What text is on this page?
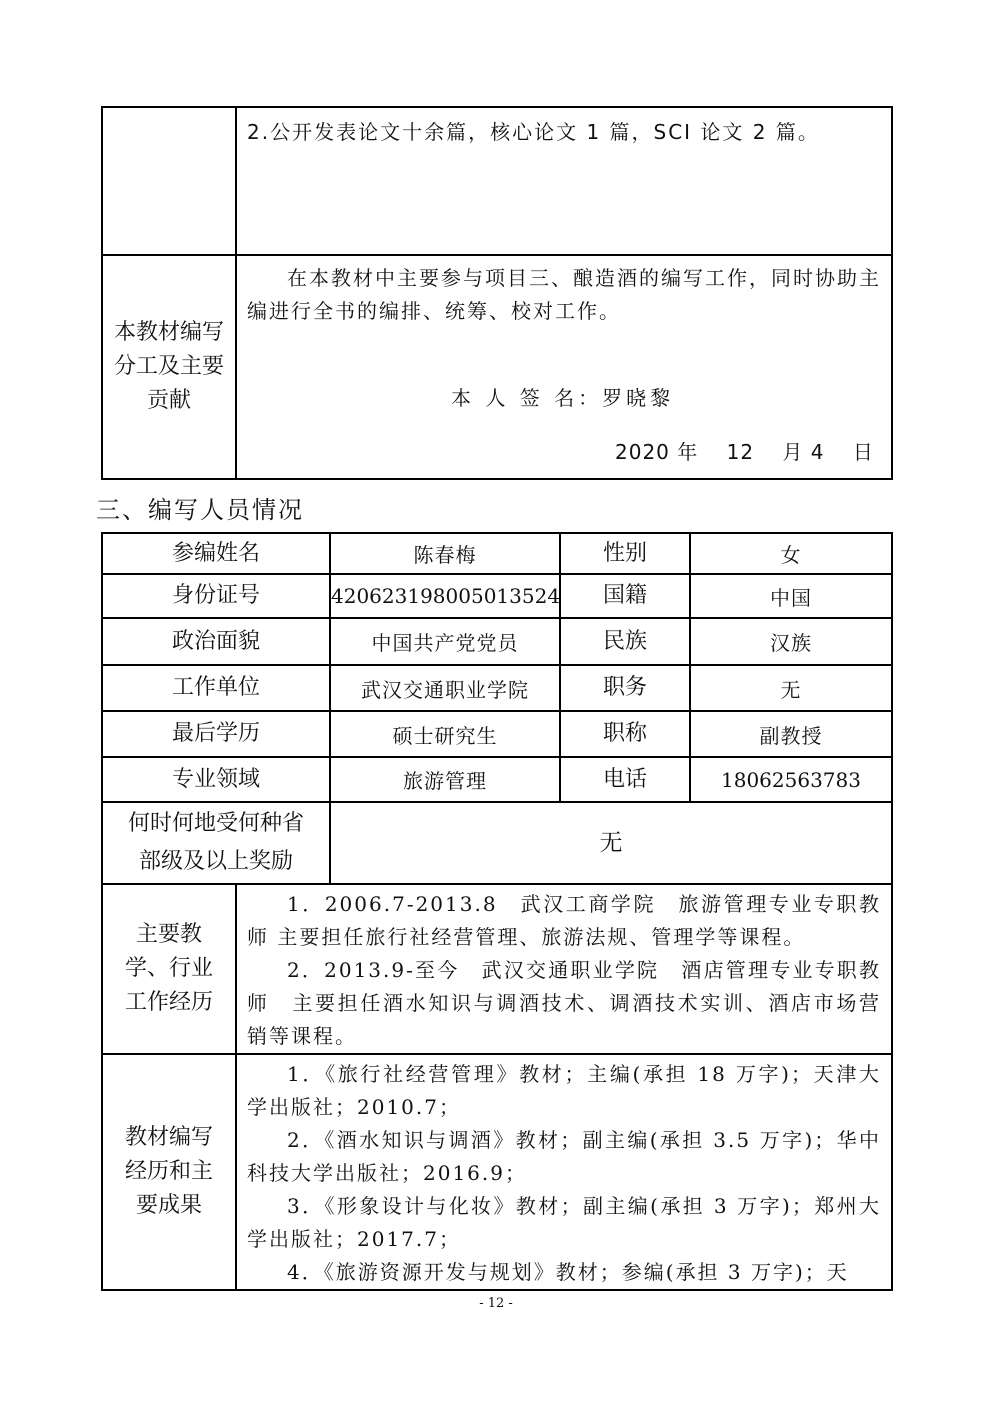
	2.公开发表论文十余篇，核心论文 1 篇，SCI 论文 2 篇。

本教材编写分工及主要贡献	在本教材中主要参与项目三、酿造酒的编写工作，同时协助主编进行全书的编排、统筹、校对工作。

本 人 签 名：罗晓黎
2020 年　 12　 月 4　 日
三、编写人员情况
参编姓名	陈春梅	性别	女
身份证号	420623198005013524	国籍	中国
政治面貌	中国共产党党员	民族	汉族
工作单位	武汉交通职业学院	职务	无
最后学历	硕士研究生	职称	副教授
专业领域	旅游管理	电话	18062563783
何时何地受何种省部级及以上奖励	无		
主要教学、行业工作经历	1．2006.7-2013.8　武汉工商学院　旅游管理专业专职教师 主要担任旅行社经营管理、旅游法规、管理学等课程。

2．2013.9-至今　武汉交通职业学院　酒店管理专业专职教师　主要担任酒水知识与调酒技术、调酒技术实训、酒店市场营销等课程。

教材编写经历和主要成果	1．《旅行社经营管理》教材；主编(承担 18 万字)；天津大学出版社；2010.7；

2．《酒水知识与调酒》教材；副主编(承担 3.5 万字)；华中科技大学出版社；2016.9；

3．《形象设计与化妆》教材；副主编(承担 3 万字)；郑州大学出版社；2017.7；

4．《旅游资源开发与规划》教材；参编(承担 3 万字)；天

- 12 -
